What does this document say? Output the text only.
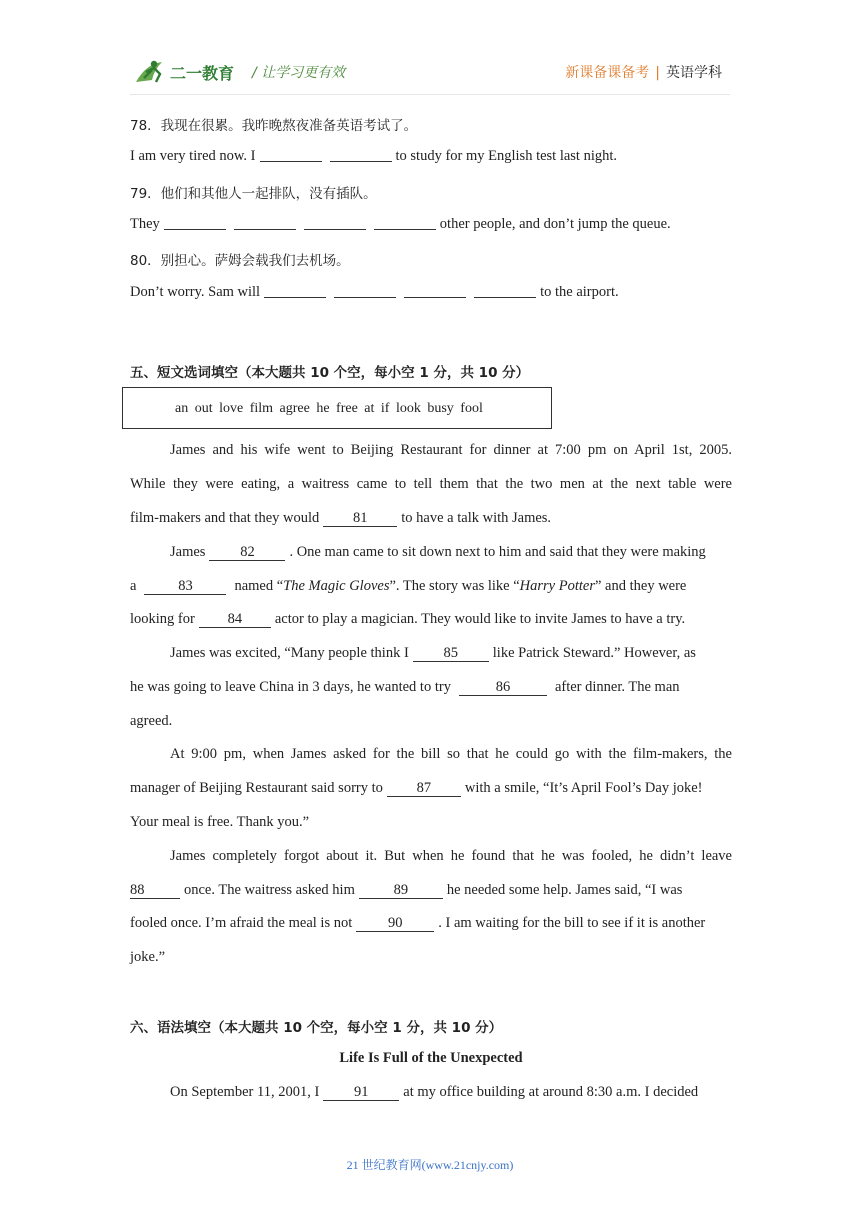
二一教育 / 让学习更有效	新课备课备考 | 英语学科
78．我现在很累。我昨晚熬夜准备英语考试了。
I am very tired now. I	to study for my English test last night.
79．他们和其他人一起排队，没有插队。
They	other people, and don’t jump the queue.
80．别担心。萨姆会载我们去机场。
Don’t worry. Sam will	to the airport.
五、短文选词填空（本大题共 10 个空，每小空 1 分，共 10 分）
an out love film agree he free at if look busy fool
James and his wife went to Beijing Restaurant for dinner at 7:00 pm on April 1st, 2005.
While they were eating, a waitress came to tell them that the two men at the next table were
film-makers and that they would 81 to have a talk with James.
James 82 . One man came to sit down next to him and said that they were making
a	83	named “The Magic Gloves”. The story was like “Harry Potter” and they were
looking for 84 actor to play a magician. They would like to invite James to have a try.
James was excited, “Many people think I 85 like Patrick Steward.” However, as
he was going to leave China in 3 days, he wanted to try	86	after dinner. The man
agreed.
At 9:00 pm, when James asked for the bill so that he could go with the film-makers, the
manager of Beijing Restaurant said sorry to 87 with a smile, “It’s April Fool’s Day joke!
Your meal is free. Thank you.”
James completely forgot about it. But when he found that he was fooled, he didn’t leave
88	once. The waitress asked him	89	he needed some help. James said, “I was
fooled once. I’m afraid the meal is not 90 . I am waiting for the bill to see if it is another
joke.”
六、语法填空（本大题共 10 个空，每小空 1 分，共 10 分）
Life Is Full of the Unexpected
On September 11, 2001, I 91 at my office building at around 8:30 a.m. I decided
21 世纪教育网(www.21cnjy.com)
